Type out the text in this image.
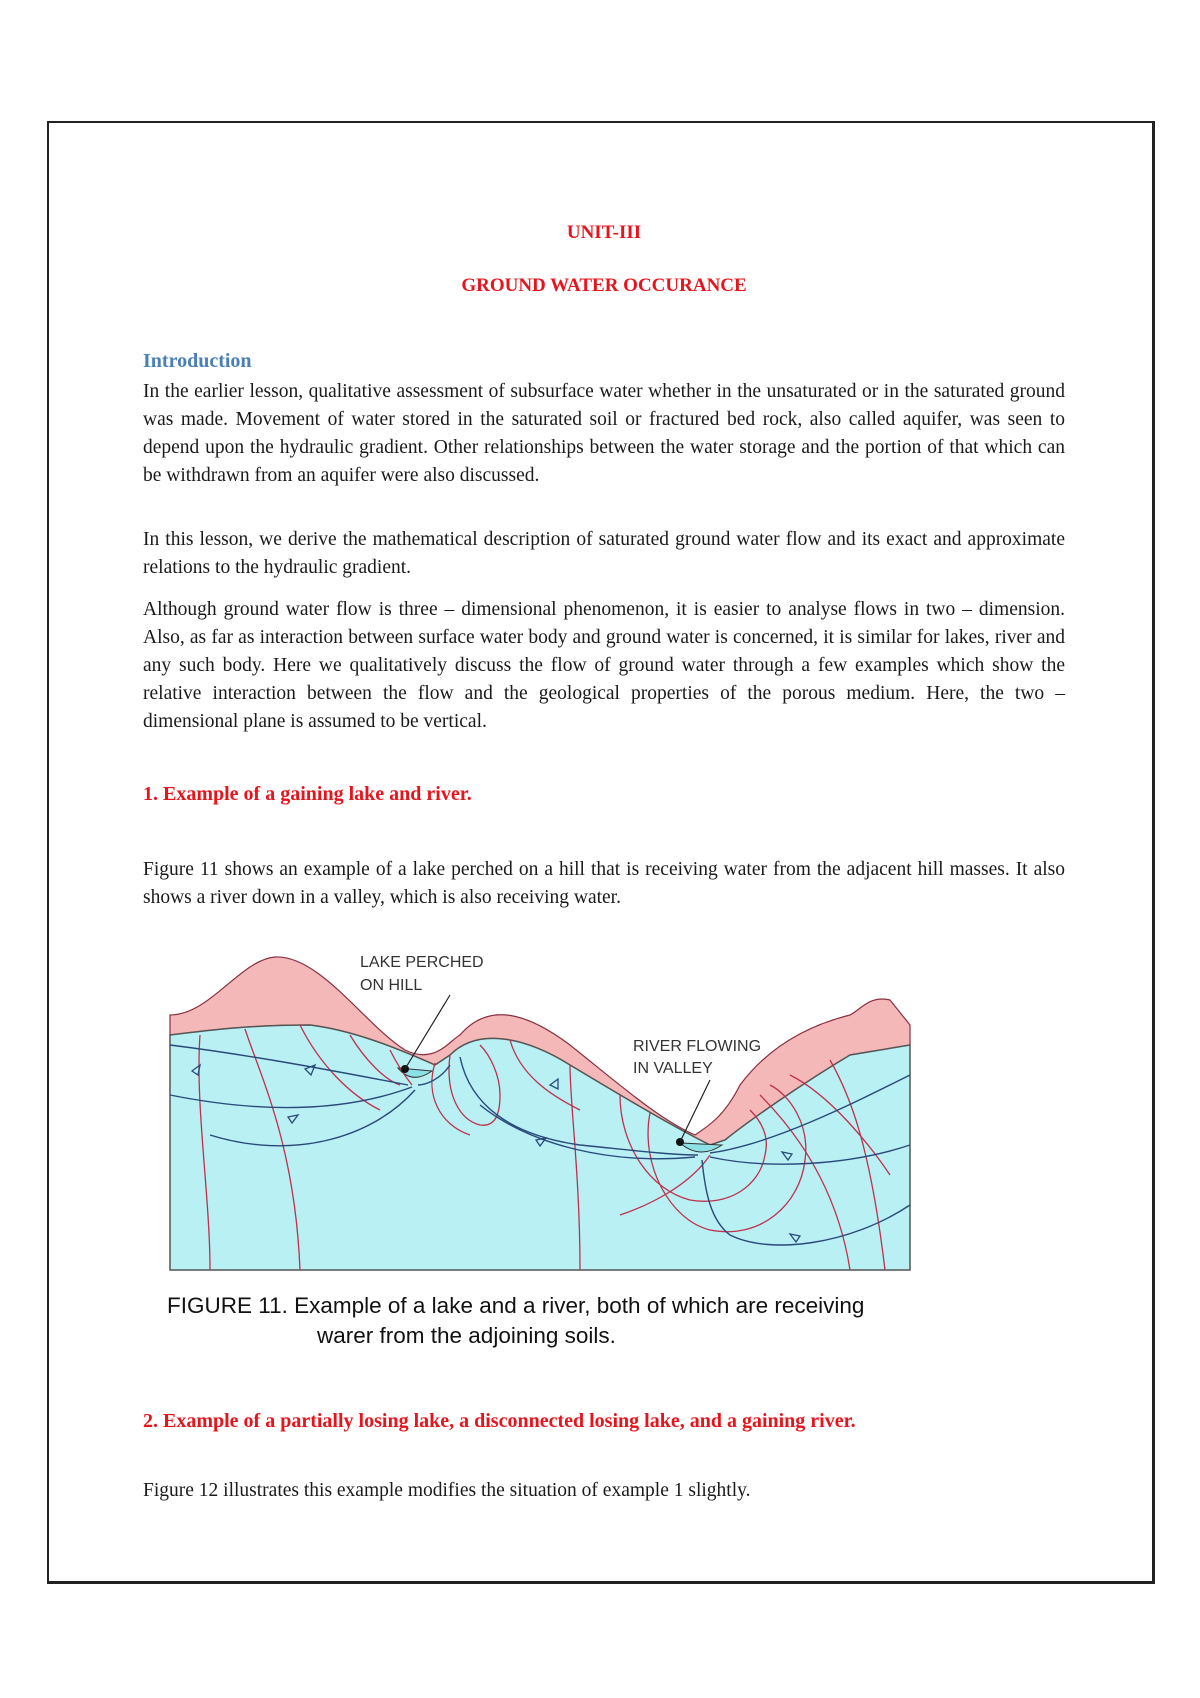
UNIT-III
GROUND WATER OCCURANCE
Introduction

In the earlier lesson, qualitative assessment of subsurface water whether in the unsaturated or in the saturated ground was made. Movement of water stored in the saturated soil or fractured bed rock, also called aquifer, was seen to depend upon the hydraulic gradient. Other relationships between the water storage and the portion of that which can be withdrawn from an aquifer were also discussed.

In this lesson, we derive the mathematical description of saturated ground water flow and its exact and approximate relations to the hydraulic gradient.

Although ground water flow is three – dimensional phenomenon, it is easier to analyse flows in two – dimension. Also, as far as interaction between surface water body and ground water is concerned, it is similar for lakes, river and any such body. Here we qualitatively discuss the flow of ground water through a few examples which show the relative interaction between the flow and the geological properties of the porous medium. Here, the two – dimensional plane is assumed to be vertical.

1. Example of a gaining lake and river.

Figure 11 shows an example of a lake perched on a hill that is receiving water from the adjacent hill masses. It also shows a river down in a valley, which is also receiving water.

2. Example of a partially losing lake, a disconnected losing lake, and a gaining river.

Figure 12 illustrates this example modifies the situation of example 1 slightly.

LAKE PERCHED
ON HILL
RIVER FLOWING
IN VALLEY
FIGURE 11. Example of a lake and a river, both of which are receiving
warer from the adjoining soils.
